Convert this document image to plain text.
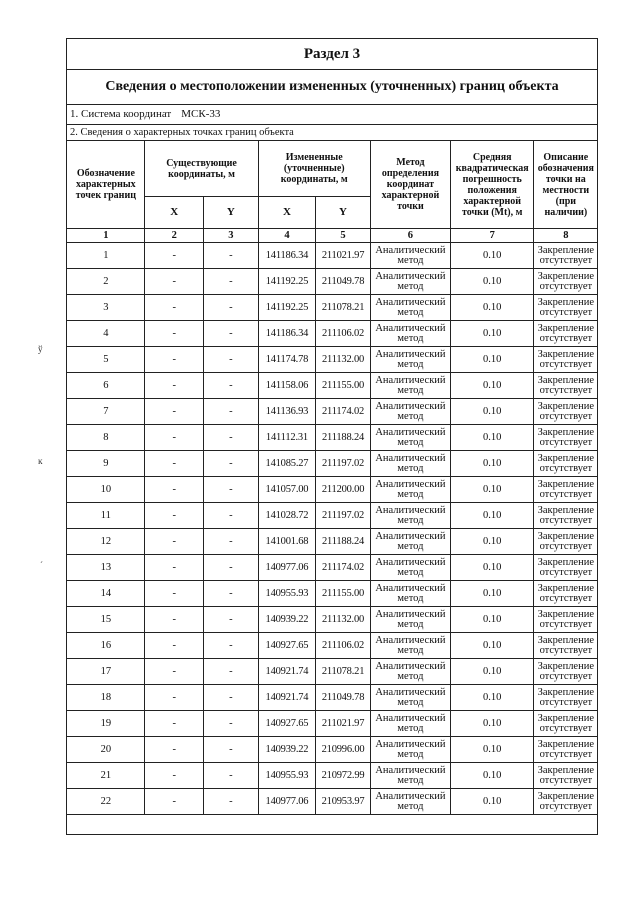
ў
ĸ
ˊ
Раздел 3
Сведения о местоположении измененных (уточненных) границ объекта
1. Система координат МСК-33
2. Сведения о характерных точках границ объекта
Обозначение характерных точек границ	Существующие координаты, м		Измененные (уточненные) координаты, м		Метод определения координат характерной точки	Средняя квадратическая погрешность положения характерной точки (Mt), м	Описание обозначения точки на местности (при наличии)
	X	Y	X	Y			
1	2	3	4	5	6	7	8
1	-	-	141186.34	211021.97	Аналитический метод	0.10	Закрепление отсутствует
2	-	-	141192.25	211049.78	Аналитический метод	0.10	Закрепление отсутствует
3	-	-	141192.25	211078.21	Аналитический метод	0.10	Закрепление отсутствует
4	-	-	141186.34	211106.02	Аналитический метод	0.10	Закрепление отсутствует
5	-	-	141174.78	211132.00	Аналитический метод	0.10	Закрепление отсутствует
6	-	-	141158.06	211155.00	Аналитический метод	0.10	Закрепление отсутствует
7	-	-	141136.93	211174.02	Аналитический метод	0.10	Закрепление отсутствует
8	-	-	141112.31	211188.24	Аналитический метод	0.10	Закрепление отсутствует
9	-	-	141085.27	211197.02	Аналитический метод	0.10	Закрепление отсутствует
10	-	-	141057.00	211200.00	Аналитический метод	0.10	Закрепление отсутствует
11	-	-	141028.72	211197.02	Аналитический метод	0.10	Закрепление отсутствует
12	-	-	141001.68	211188.24	Аналитический метод	0.10	Закрепление отсутствует
13	-	-	140977.06	211174.02	Аналитический метод	0.10	Закрепление отсутствует
14	-	-	140955.93	211155.00	Аналитический метод	0.10	Закрепление отсутствует
15	-	-	140939.22	211132.00	Аналитический метод	0.10	Закрепление отсутствует
16	-	-	140927.65	211106.02	Аналитический метод	0.10	Закрепление отсутствует
17	-	-	140921.74	211078.21	Аналитический метод	0.10	Закрепление отсутствует
18	-	-	140921.74	211049.78	Аналитический метод	0.10	Закрепление отсутствует
19	-	-	140927.65	211021.97	Аналитический метод	0.10	Закрепление отсутствует
20	-	-	140939.22	210996.00	Аналитический метод	0.10	Закрепление отсутствует
21	-	-	140955.93	210972.99	Аналитический метод	0.10	Закрепление отсутствует
22	-	-	140977.06	210953.97	Аналитический метод	0.10	Закрепление отсутствует
